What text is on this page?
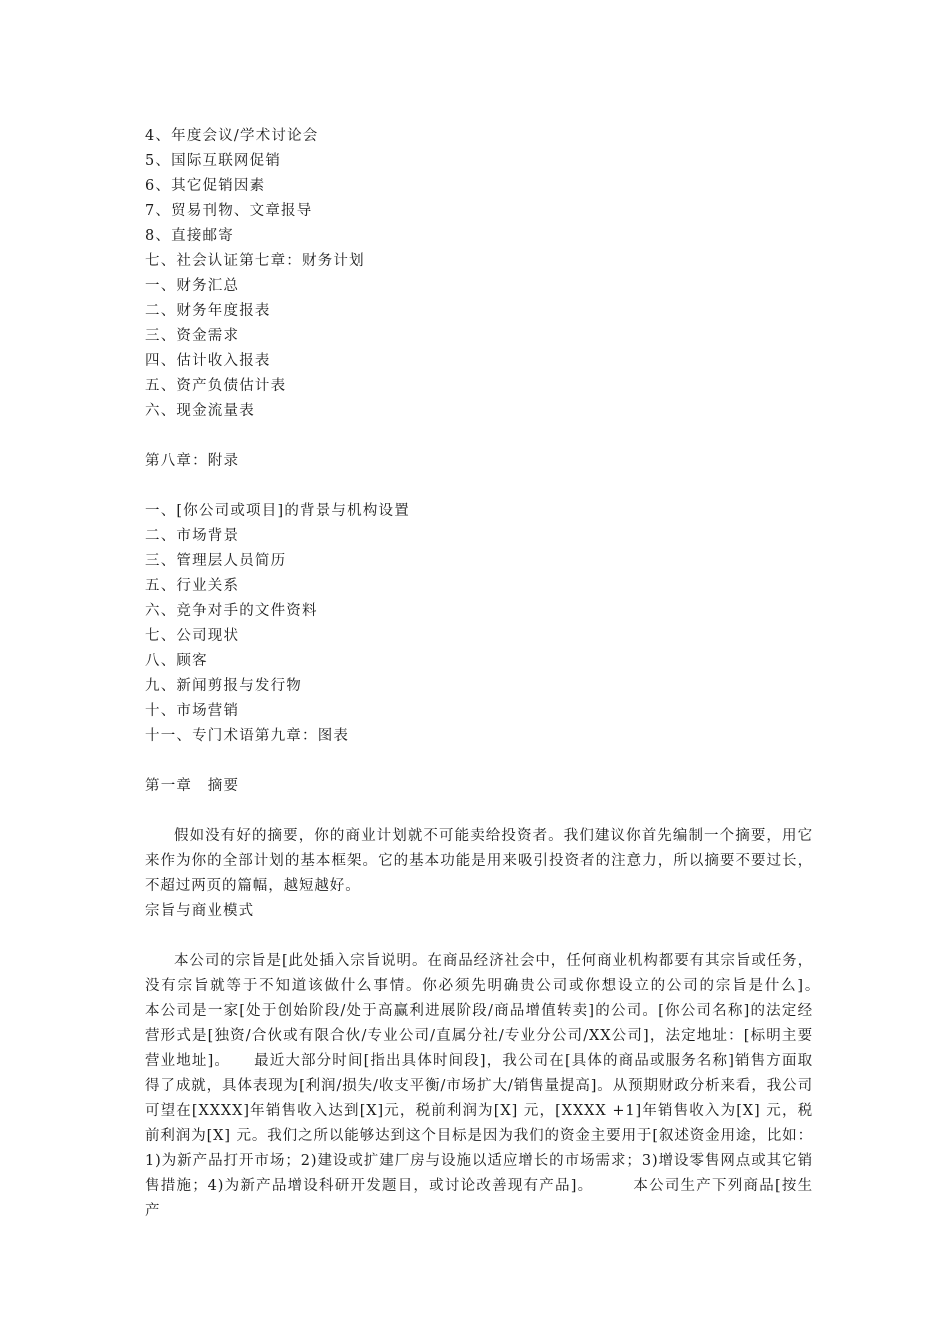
4、年度会议/学术讨论会
5、国际互联网促销
6、其它促销因素
7、贸易刊物、文章报导
8、直接邮寄
七、社会认证第七章：财务计划
一、财务汇总
二、财务年度报表
三、资金需求
四、估计收入报表
五、资产负债估计表
六、现金流量表
第八章：附录
一、[你公司或项目]的背景与机构设置
二、市场背景
三、管理层人员简历
五、行业关系
六、竞争对手的文件资料
七、公司现状
八、顾客
九、新闻剪报与发行物
十、市场营销
十一、专门术语第九章：图表
第一章　摘要

假如没有好的摘要，你的商业计划就不可能卖给投资者。我们建议你首先编制一个摘要，用它来作为你的全部计划的基本框架。它的基本功能是用来吸引投资者的注意力，所以摘要不要过长，不超过两页的篇幅，越短越好。

宗旨与商业模式

本公司的宗旨是[此处插入宗旨说明。在商品经济社会中，任何商业机构都要有其宗旨或任务，没有宗旨就等于不知道该做什么事情。你必须先明确贵公司或你想设立的公司的宗旨是什么]。　　本公司是一家[处于创始阶段/处于高赢利进展阶段/商品增值转卖]的公司。[你公司名称]的法定经营形式是[独资/合伙或有限合伙/专业公司/直属分社/专业分公司/XX公司]，法定地址：[标明主要营业地址]。　　最近大部分时间[指出具体时间段]，我公司在[具体的商品或服务名称]销售方面取得了成就，具体表现为[利润/损失/收支平衡/市场扩大/销售量提高]。从预期财政分析来看，我公司可望在[XXXX]年销售收入达到[X]元，税前利润为[X] 元，[XXXX +1]年销售收入为[X] 元，税前利润为[X] 元。我们之所以能够达到这个目标是因为我们的资金主要用于[叙述资金用途，比如：1)为新产品打开市场；2)建设或扩建厂房与设施以适应增长的市场需求；3)增设零售网点或其它销售措施；4)为新产品增设科研开发题目，或讨论改善现有产品]。　　　本公司生产下列商品[按生产
